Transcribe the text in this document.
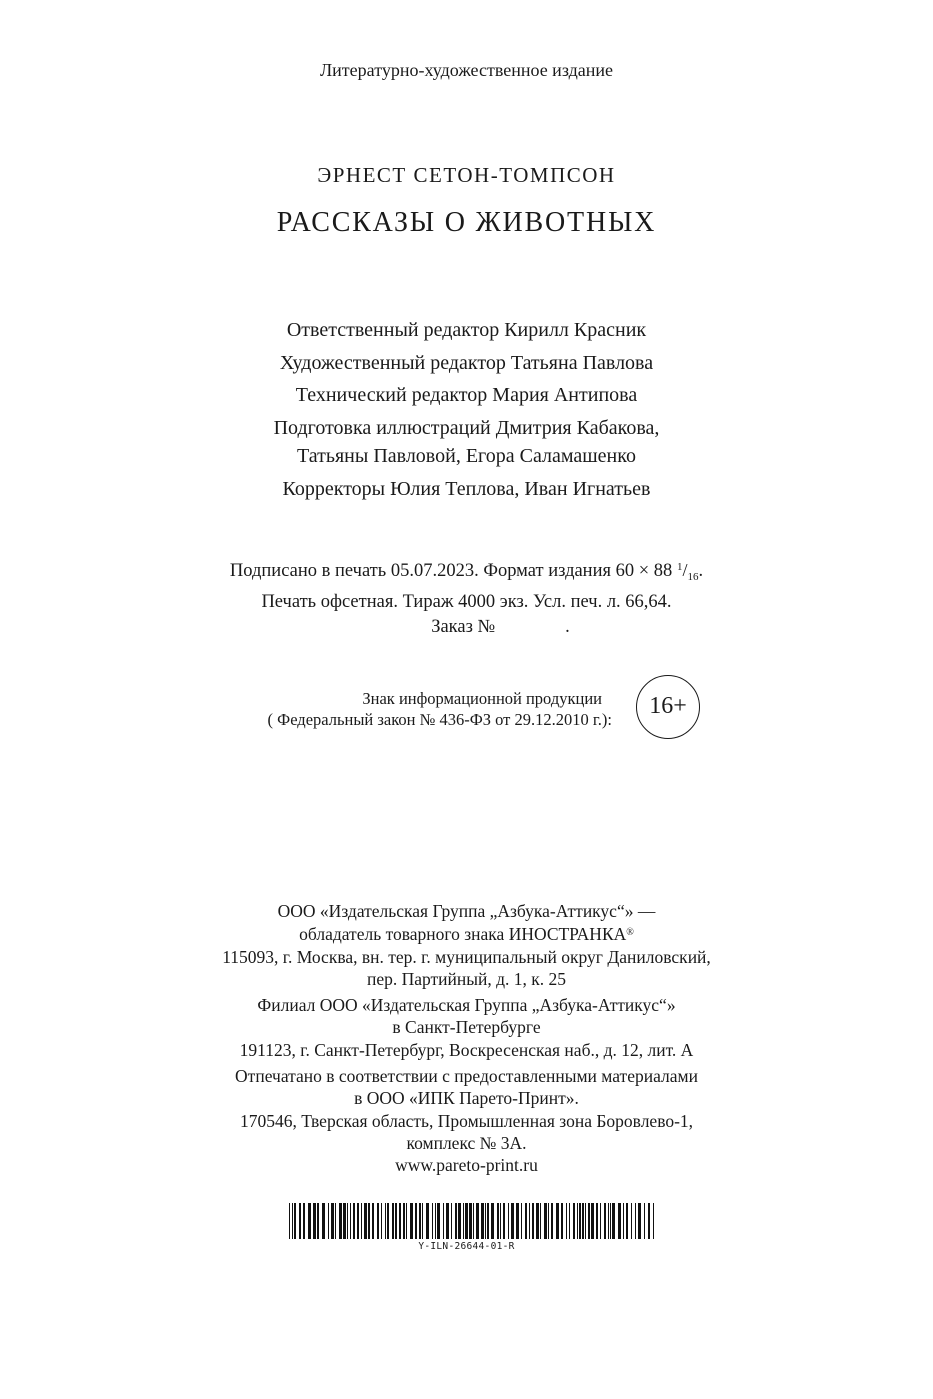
Литературно-художественное издание
ЭРНЕСТ СЕТОН-ТОМПСОН
РАССКАЗЫ О ЖИВОТНЫХ
Ответственный редактор Кирилл Красник
Художественный редактор Татьяна Павлова
Технический редактор Мария Антипова
Подготовка иллюстраций Дмитрия Кабакова,
Татьяны Павловой, Егора Саламашенко
Корректоры Юлия Теплова, Иван Игнатьев
Подписано в печать 05.07.2023. Формат издания 60 × 88 $^1/_{16}$.
Печать офсетная. Тираж 4000 экз. Усл. печ. л. 66,64.
Заказ №	.
Знак информационной продукции
( Федеральный закон № 436-ФЗ от 29.12.2010 г.):
16+
ООО «Издательская Группа „Азбука-Аттикус“» —
обладатель товарного знака ИНОСТРАНКА®
115093, г. Москва, вн. тер. г. муниципальный округ Даниловский,
пер. Партийный, д. 1, к. 25
Филиал ООО «Издательская Группа „Азбука-Аттикус“»
в Санкт-Петербурге
191123, г. Санкт-Петербург, Воскресенская наб., д. 12, лит. А
Отпечатано в соответствии с предоставленными материалами
в ООО «ИПК Парето-Принт».
170546, Тверская область, Промышленная зона Боровлево-1,
комплекс № 3А.
www.pareto-print.ru
Y-ILN-26644-01-R
